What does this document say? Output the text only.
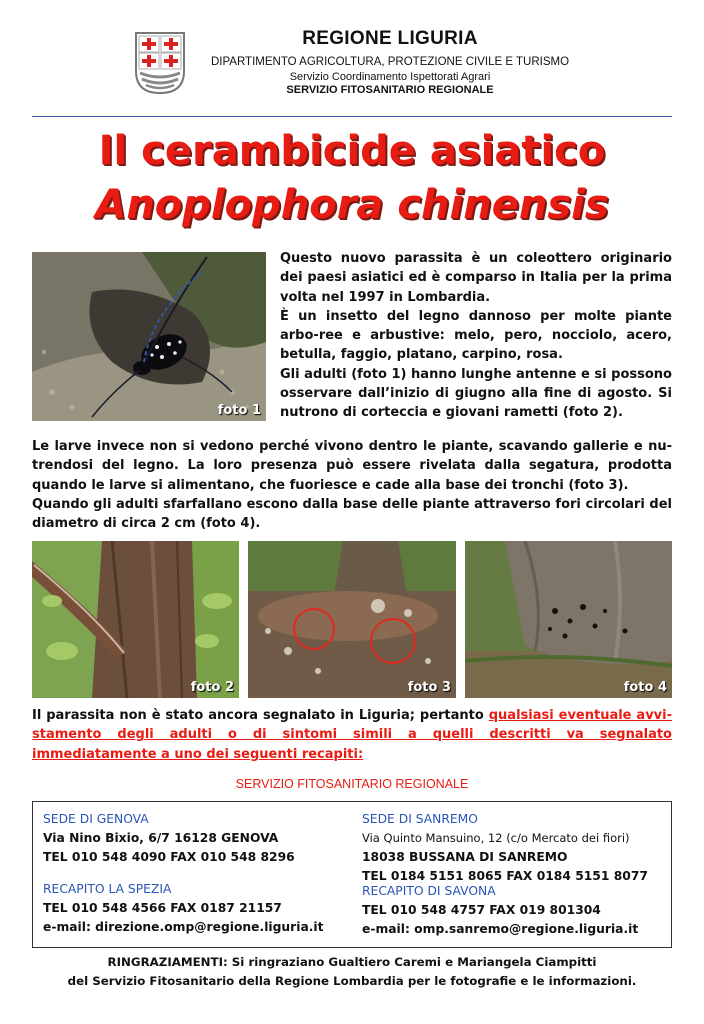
REGIONE LIGURIA
DIPARTIMENTO AGRICOLTURA, PROTEZIONE CIVILE E TURISMO
Servizio Coordinamento Ispettorati Agrari
SERVIZIO FITOSANITARIO REGIONALE
Il cerambicide asiatico
Anoplophora chinensis
foto 1

Questo nuovo parassita è un coleottero originario dei paesi asiatici ed è comparso in Italia per la prima volta nel 1997 in Lombardia.

È un insetto del legno dannoso per molte piante arbo-ree e arbustive: melo, pero, nocciolo, acero, betulla, faggio, platano, carpino, rosa.

Gli adulti (foto 1) hanno lunghe antenne e si possono osservare dall’inizio di giugno alla fine di agosto. Si nutrono di corteccia e giovani rametti (foto 2).

Le larve invece non si vedono perché vivono dentro le piante, scavando gallerie e nu-trendosi del legno. La loro presenza può essere rivelata dalla segatura, prodotta quando le larve si alimentano, che fuoriesce e cade alla base dei tronchi (foto 3).

Quando gli adulti sfarfallano escono dalla base delle piante attraverso fori circolari del diametro di circa 2 cm (foto 4).

foto 2	foto 3	foto 4
Il parassita non è stato ancora segnalato in Liguria; pertanto qualsiasi eventuale avvi-stamento degli adulti o di sintomi simili a quelli descritti va segnalato immediatamente a uno dei seguenti recapiti:
SERVIZIO FITOSANITARIO REGIONALE
SEDE DI GENOVA
Via Nino Bixio, 6/7 16128 GENOVA
TEL 010 548 4090 FAX 010 548 8296
RECAPITO LA SPEZIA
TEL 010 548 4566 FAX 0187 21157
e-mail: direzione.omp@regione.liguria.it
SEDE DI SANREMO
Via Quinto Mansuino, 12 (c/o Mercato dei fiori)
18038 BUSSANA DI SANREMO
TEL 0184 5151 8065 FAX 0184 5151 8077
RECAPITO DI SAVONA
TEL 010 548 4757 FAX 019 801304
e-mail: omp.sanremo@regione.liguria.it
RINGRAZIAMENTI: Si ringraziano Gualtiero Caremi e Mariangela Ciampitti
del Servizio Fitosanitario della Regione Lombardia per le fotografie e le informazioni.
